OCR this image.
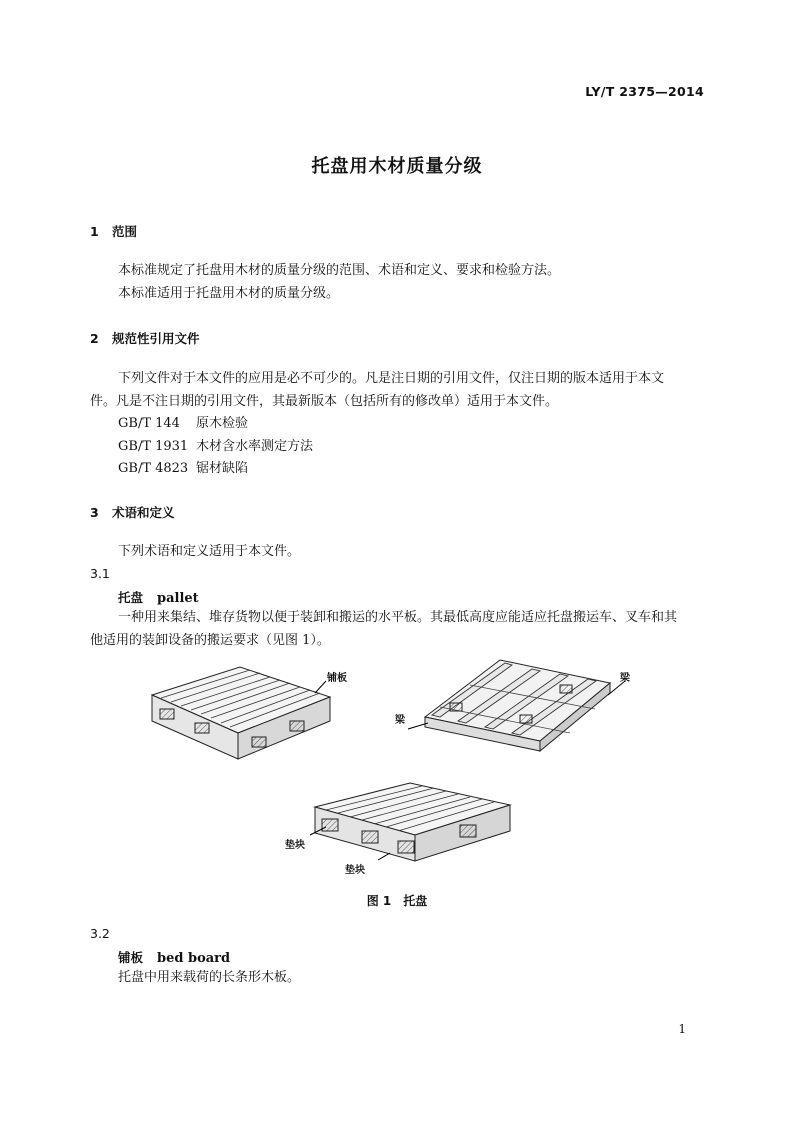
LY/T 2375—2014
托盘用木材质量分级
1 范围
本标准规定了托盘用木材的质量分级的范围、术语和定义、要求和检验方法。
本标准适用于托盘用木材的质量分级。
2 规范性引用文件
下列文件对于本文件的应用是必不可少的。凡是注日期的引用文件，仅注日期的版本适用于本文
件。凡是不注日期的引用文件，其最新版本（包括所有的修改单）适用于本文件。
GB/T 144 原木检验
GB/T 1931 木材含水率测定方法
GB/T 4823 锯材缺陷
3 术语和定义
下列术语和定义适用于本文件。
3.1
托盘 pallet
一种用来集结、堆存货物以便于装卸和搬运的水平板。其最低高度应能适应托盘搬运车、叉车和其
他适用的装卸设备的搬运要求（见图 1）。
铺板	梁
梁
垫块
垫块
图 1 托盘
3.2
铺板 bed board
托盘中用来载荷的长条形木板。
1
